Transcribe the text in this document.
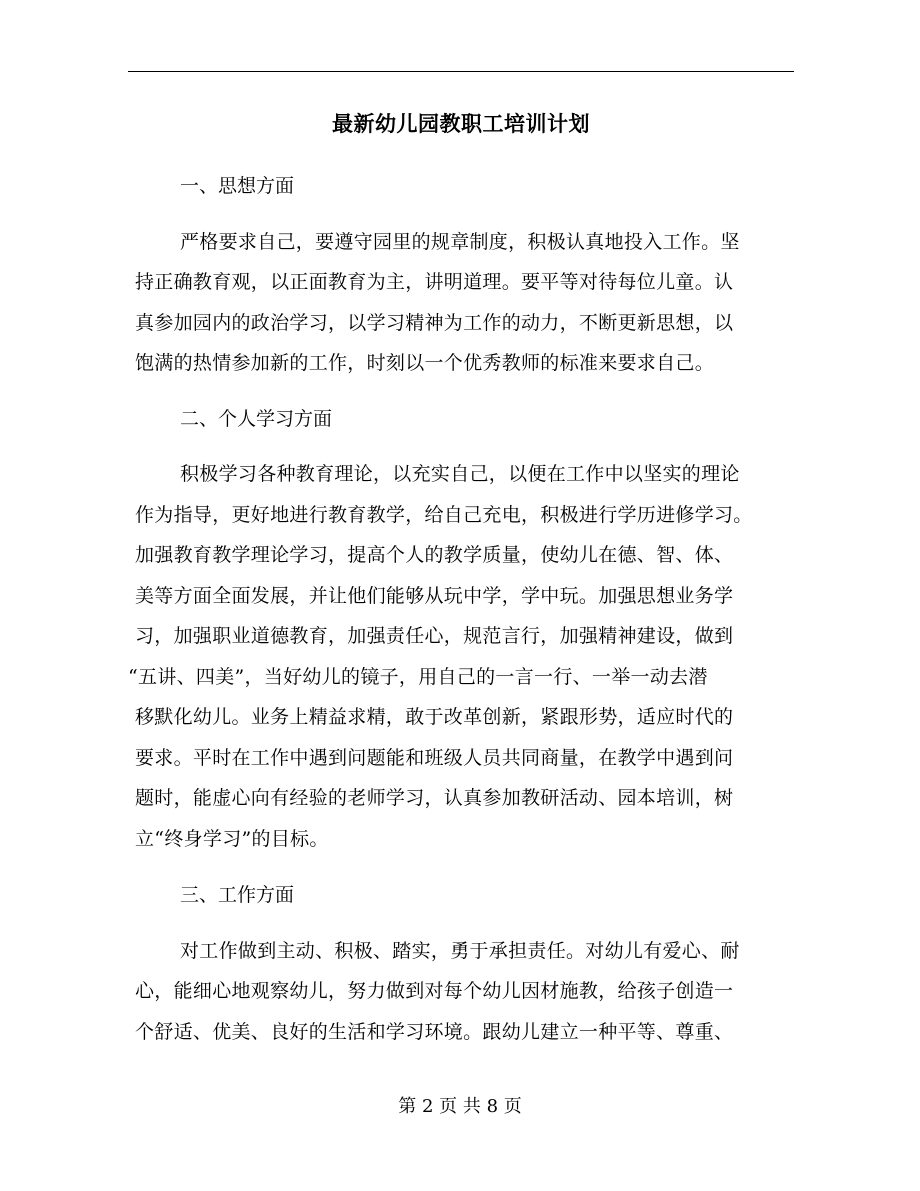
最新幼儿园教职工培训计划
一、思想方面
严格要求自己，要遵守园里的规章制度，积极认真地投入工作。坚
持正确教育观，以正面教育为主，讲明道理。要平等对待每位儿童。认
真参加园内的政治学习，以学习精神为工作的动力，不断更新思想，以
饱满的热情参加新的工作，时刻以一个优秀教师的标准来要求自己。
二、个人学习方面
积极学习各种教育理论，以充实自己，以便在工作中以坚实的理论
作为指导，更好地进行教育教学，给自己充电，积极进行学历进修学习。
加强教育教学理论学习，提高个人的教学质量，使幼儿在德、智、体、
美等方面全面发展，并让他们能够从玩中学，学中玩。加强思想业务学
习，加强职业道德教育，加强责任心，规范言行，加强精神建设，做到
“五讲、四美”，当好幼儿的镜子，用自己的一言一行、一举一动去潜
移默化幼儿。业务上精益求精，敢于改革创新，紧跟形势，适应时代的
要求。平时在工作中遇到问题能和班级人员共同商量，在教学中遇到问
题时，能虚心向有经验的老师学习，认真参加教研活动、园本培训，树
立“终身学习”的目标。
三、工作方面
对工作做到主动、积极、踏实，勇于承担责任。对幼儿有爱心、耐
心，能细心地观察幼儿，努力做到对每个幼儿因材施教，给孩子创造一
个舒适、优美、良好的生活和学习环境。跟幼儿建立一种平等、尊重、
第 2 页 共 8 页
